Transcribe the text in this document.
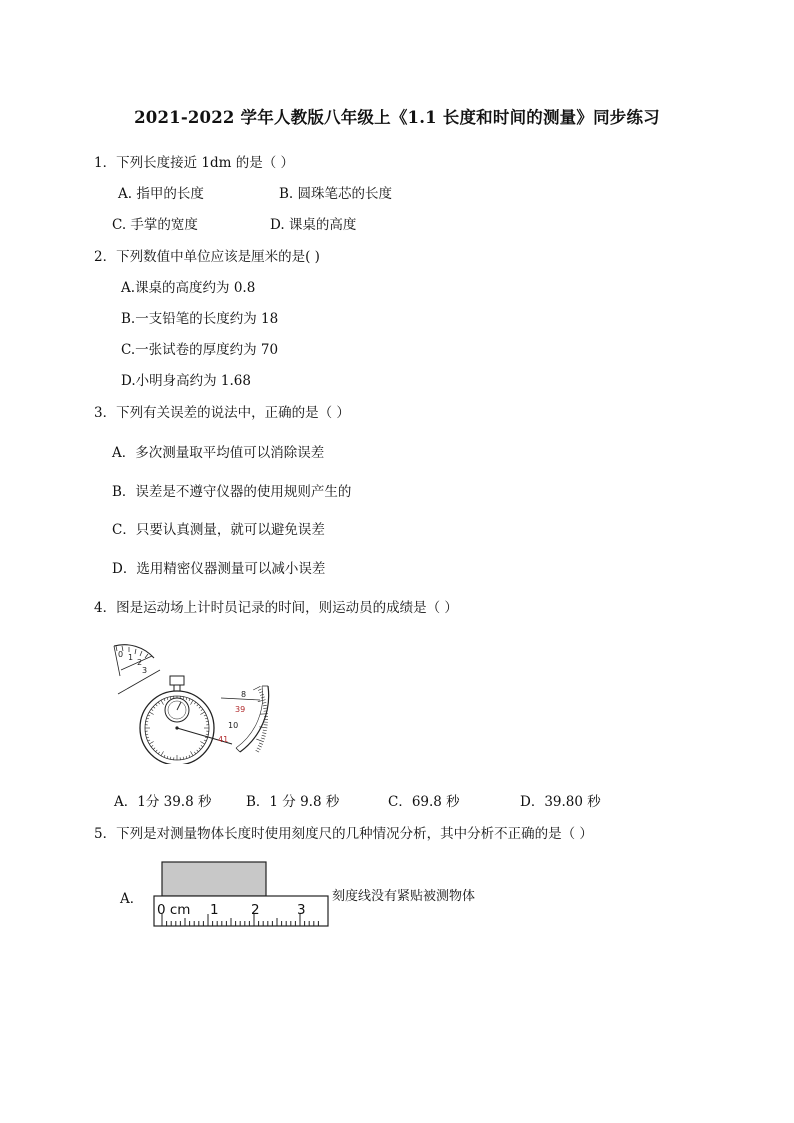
2021-2022 学年人教版八年级上《1.1 长度和时间的测量》同步练习
1．下列长度接近 1dm 的是（ ）
A. 指甲的长度	B. 圆珠笔芯的长度
C. 手掌的宽度	D. 课桌的高度
2．下列数值中单位应该是厘米的是( )
A.课桌的高度约为 0.8
B.一支铅笔的长度约为 18
C.一张试卷的厚度约为 70
D.小明身高约为 1.68
3．下列有关误差的说法中，正确的是（ ）
A．多次测量取平均值可以消除误差
B．误差是不遵守仪器的使用规则产生的
C．只要认真测量，就可以避免误差
D．选用精密仪器测量可以减小误差
4．图是运动场上计时员记录的时间，则运动员的成绩是（ ）
0 1
2
3
8
39
10
41
A．1分 39.8 秒	B．1 分 9.8 秒	C．69.8 秒	D．39.80 秒
5．下列是对测量物体长度时使用刻度尺的几种情况分析，其中分析不正确的是（ ）
A．
0 cm 1 2	3
刻度线没有紧贴被测物体
